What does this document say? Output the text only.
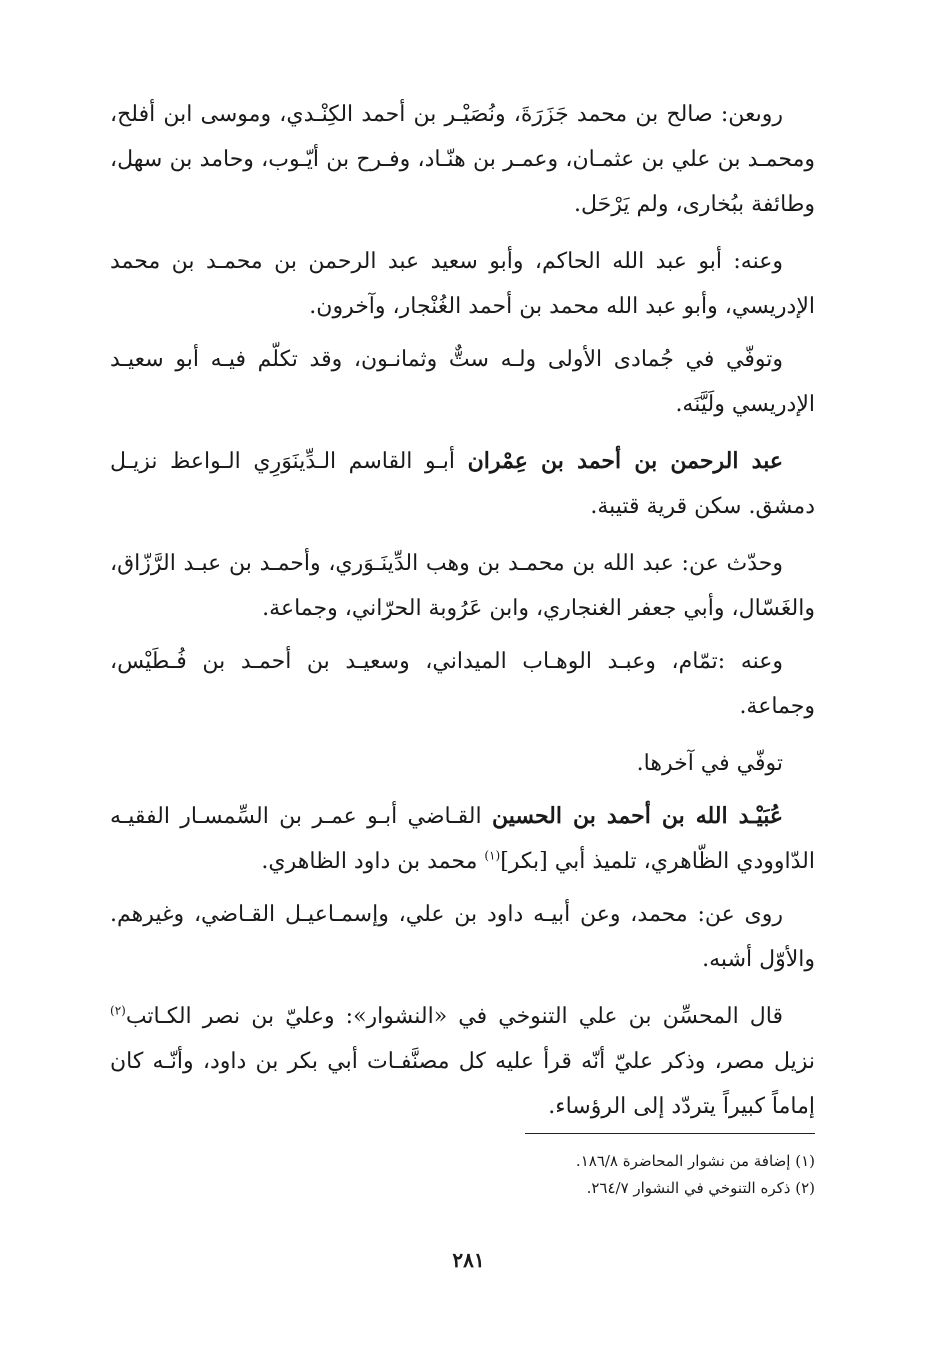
روىعن: صالح بن محمد جَزَرَةَ، ونُصَيْـر بن أحمد الكِنْـدي، وموسى ابن أفلح، ومحمـد بن علي بن عثمـان، وعمـر بن هنّـاد، وفـرح بن أيّـوب، وحامد بن سهل، وطائفة ببُخارى، ولم يَرْحَل.

وعنه: أبو عبد الله الحاكم، وأبو سعيد عبد الرحمن بن محمـد بن محمد الإدريسي، وأبو عبد الله محمد بن أحمد الغُنْجار، وآخرون.

وتوفّي في جُمادى الأولى ولـه ستٌّ وثمانـون، وقد تكلّم فيـه أبو سعيـد الإدريسي ولَيَّنَه.

عبد الرحمن بن أحمد بن عِمْران أبـو القاسم الـدِّينَوَرِي الـواعظ نزيـل دمشق. سكن قرية قتيبة.

وحدّث عن: عبد الله بن محمـد بن وهب الدِّينَـوَري، وأحمـد بن عبـد الرَّزّاق، والغَسّال، وأبي جعفر الغنجاري، وابن عَرُوبة الحرّاني، وجماعة.

وعنه :تمّام، وعبـد الوهـاب الميداني، وسعيـد بن أحمـد بن فُـطَيْس، وجماعة.

توفّي في آخرها.

عُبَيْـد الله بن أحمد بن الحسين القـاضي أبـو عمـر بن السِّمسـار الفقيـه الدّاوودي الظّاهري، تلميذ أبي [بكر]$^{(١)}$ محمد بن داود الظاهري.

روى عن: محمد، وعن أبيـه داود بن علي، وإسمـاعيـل القـاضي، وغيرهم. والأوّل أشبه.

قال المحسِّن بن علي التنوخي في «النشوار»: وعليّ بن نصر الكـاتب$^{(٢)}$ نزيل مصر، وذكر عليّ أنّه قرأ عليه كل مصنَّفـات أبي بكر بن داود، وأنّـه كان إماماً كبيراً يتردّد إلى الرؤساء.

(١) إضافة من نشوار المحاضرة ١٨٦/٨.

(٢) ذكره التنوخي في النشوار ٢٦٤/٧.

٢٨١
